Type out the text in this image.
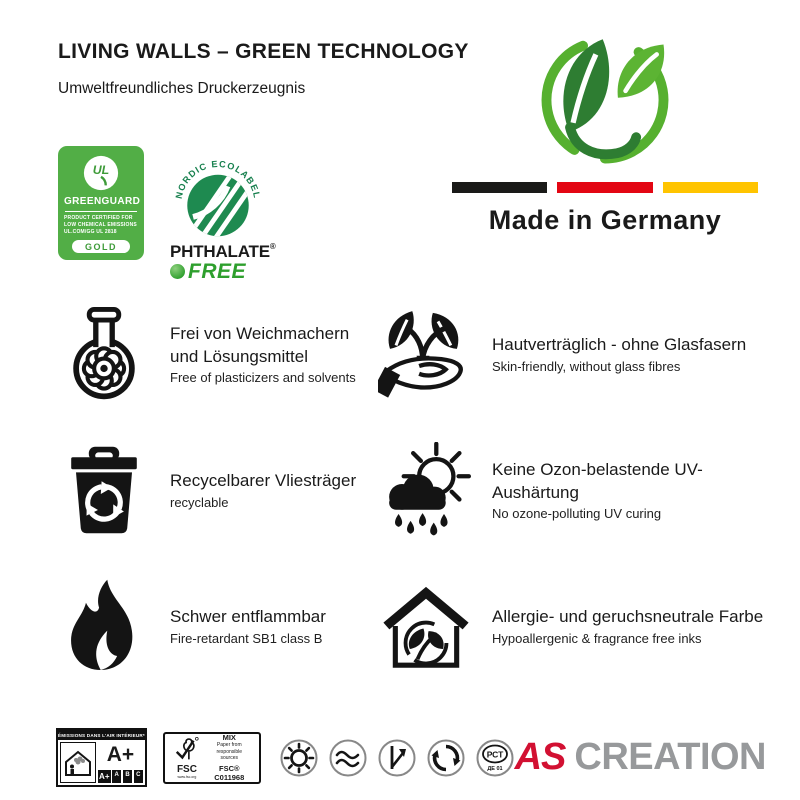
LIVING WALLS – GREEN TECHNOLOGY
Umweltfreundliches Druckerzeugnis
Made in Germany
UL
GREENGUARD
PRODUCT CERTIFIED FOR LOW CHEMICAL EMISSIONS UL.COM/GG UL 2818
GOLD
NORDIC ECOLABEL
PHTHALATE®
FREE
Frei von Weichmachern und Lösungsmittel
Free of plasticizers and solvents
Hautverträglich - ohne Glasfasern
Skin-friendly, without glass fibres
Recycelbarer Vliesträger
recyclable
Keine Ozon-belastende UV-Aushärtung
No ozone-polluting UV curing
Schwer entflammbar
Fire-retardant SB1 class B
Allergie- und geruchsneutrale Farbe
Hypoallergenic & fragrance free inks
ÉMISSIONS DANS L'AIR INTÉRIEUR*
A+
A+ A	B	C	FSC
www.fsc.org
MIX
Paper from
responsible sources
FSC® C011968
РСТ
ДЕ 01 AS CREATION
